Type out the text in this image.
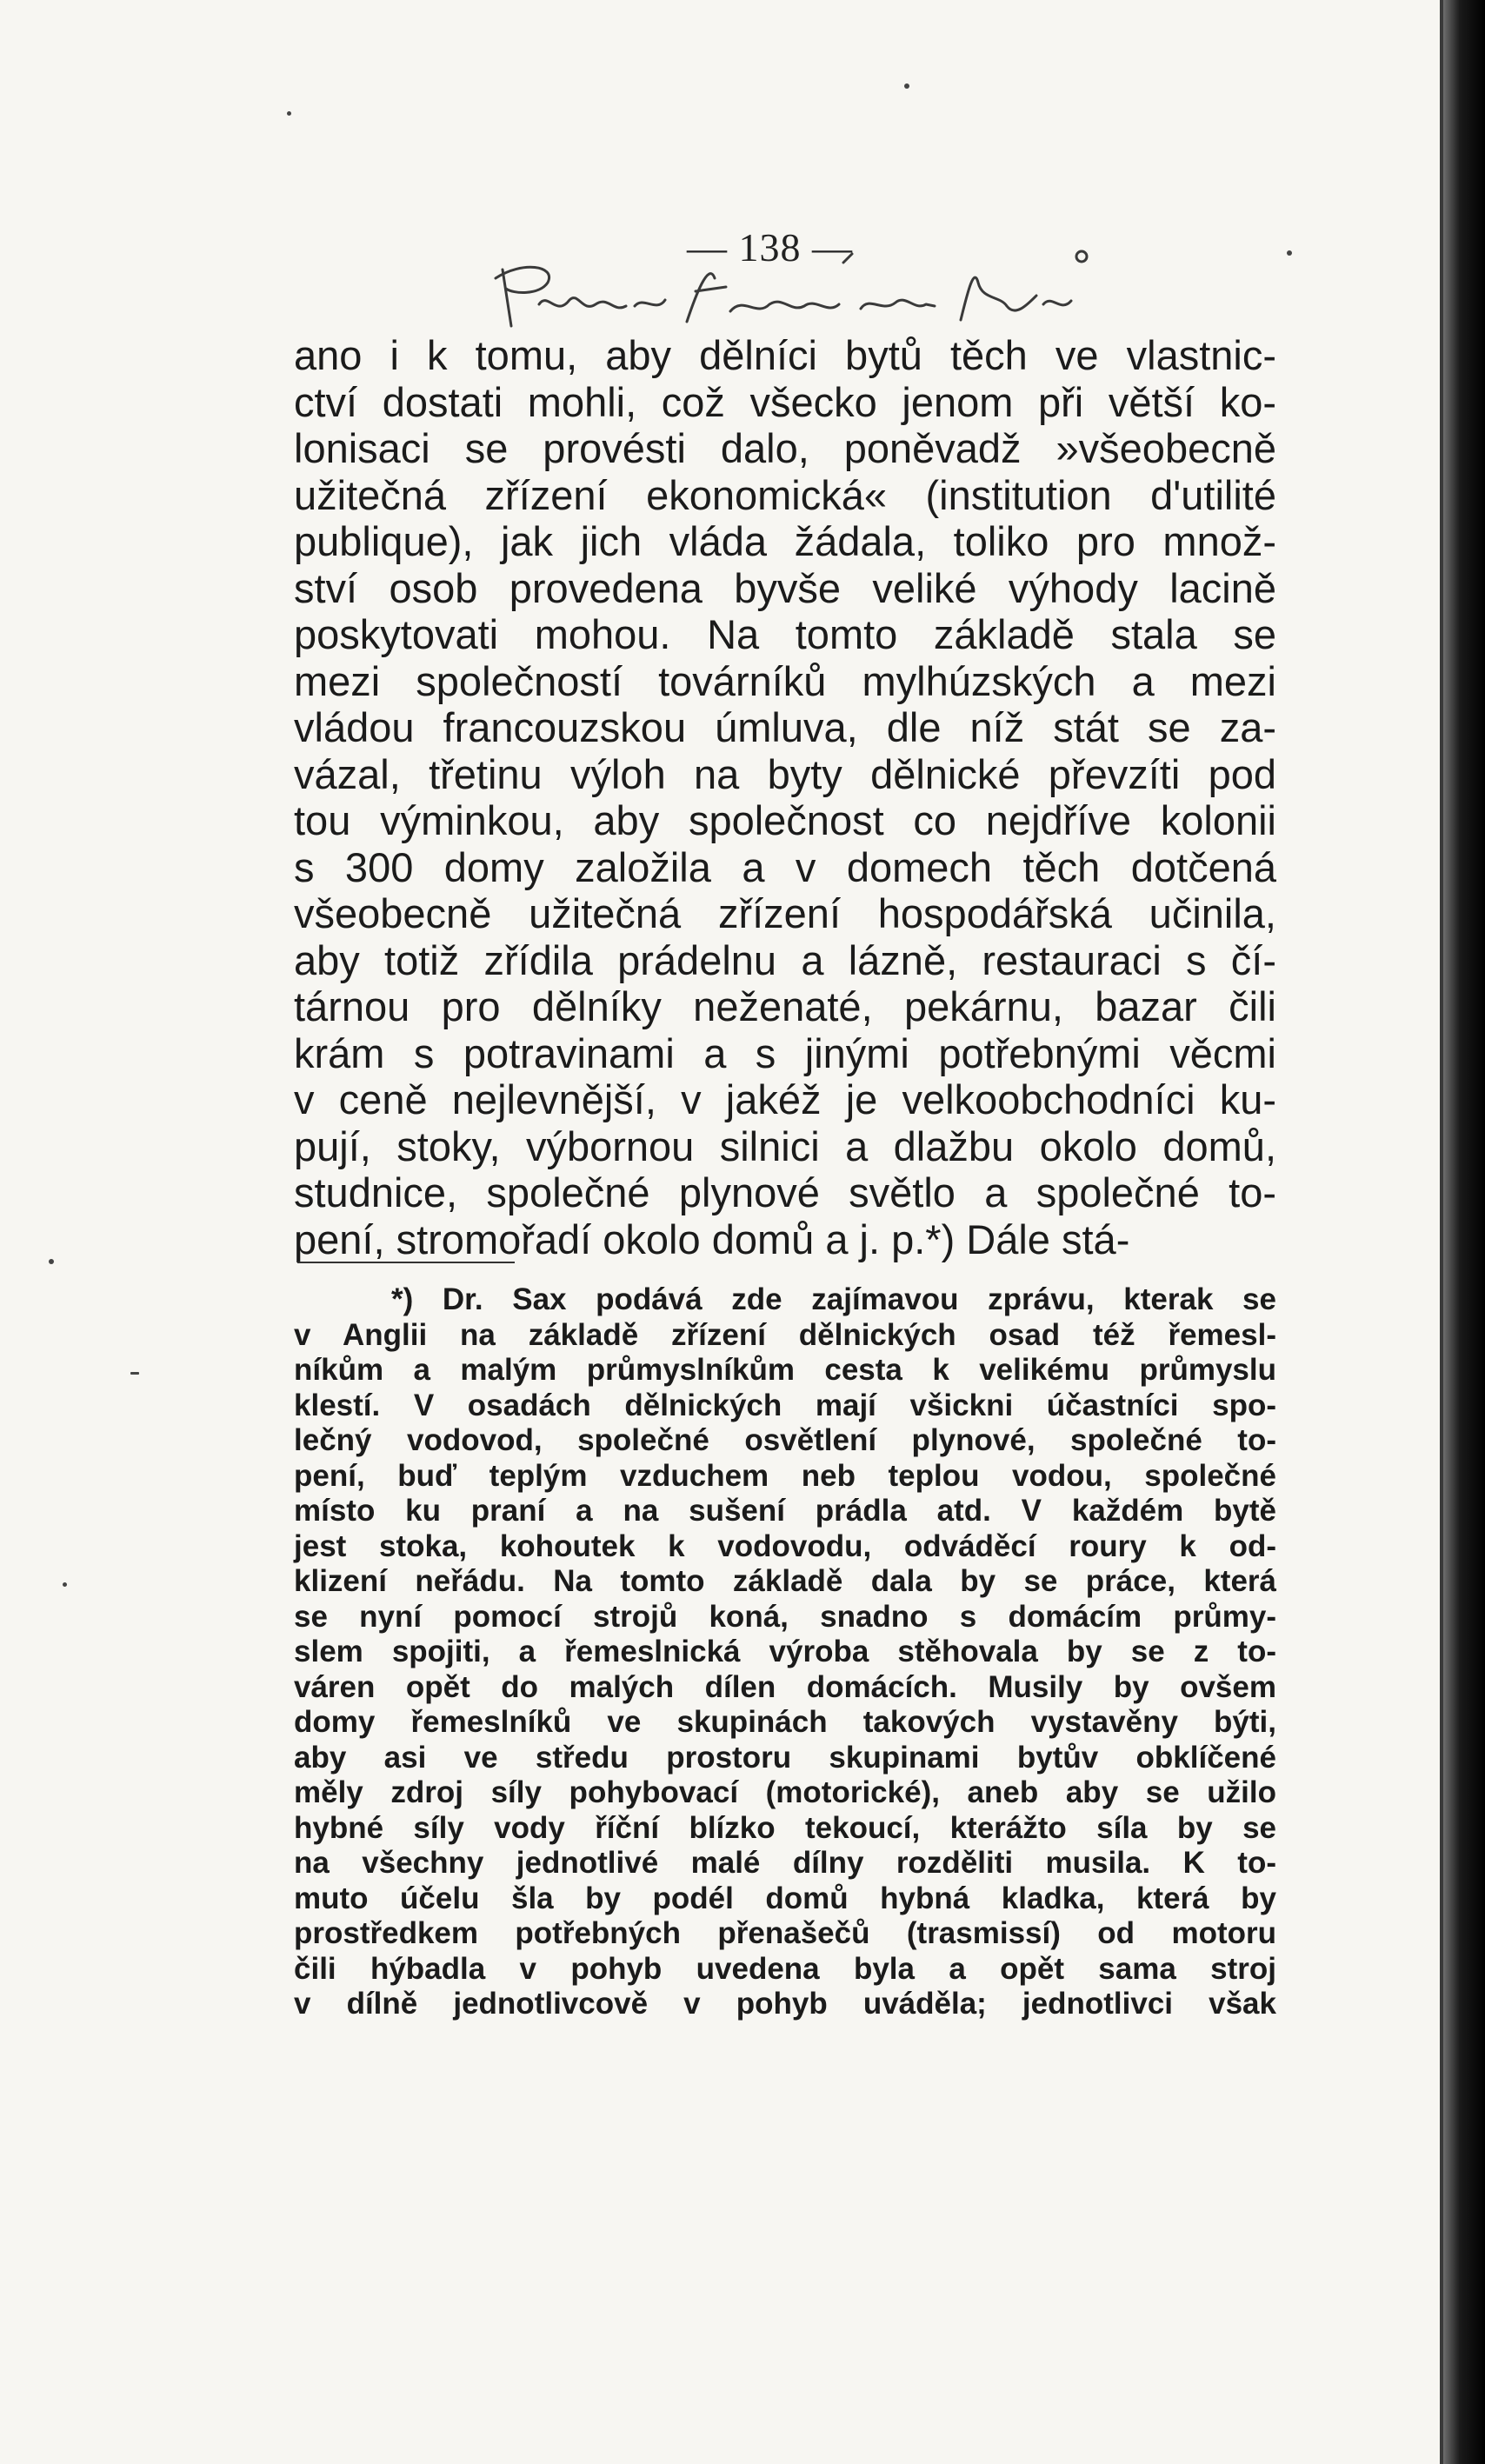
— 138 —
ano i k tomu, aby dělníci bytů těch ve vlastnic-
ctví dostati mohli, což všecko jenom při větší ko-
lonisaci se provésti dalo, poněvadž »všeobecně
užitečná zřízení ekonomická« (institution d'utilité
publique), jak jich vláda žádala, toliko pro množ-
ství osob provedena byvše veliké výhody lacině
poskytovati mohou. Na tomto základě stala se
mezi společností továrníků mylhúzských a mezi
vládou francouzskou úmluva, dle níž stát se za-
vázal, třetinu výloh na byty dělnické převzíti pod
tou výminkou, aby společnost co nejdříve kolonii
s 300 domy založila a v domech těch dotčená
všeobecně užitečná zřízení hospodářská učinila,
aby totiž zřídila prádelnu a lázně, restauraci s čí-
tárnou pro dělníky neženaté, pekárnu, bazar čili
krám s potravinami a s jinými potřebnými věcmi
v ceně nejlevnější, v jakéž je velkoobchodníci ku-
pují, stoky, výbornou silnici a dlažbu okolo domů,
studnice, společné plynové světlo a společné to-
pení, stromořadí okolo domů a j. p.*) Dále stá-
*) Dr. Sax podává zde zajímavou zprávu, kterak se
v Anglii na základě zřízení dělnických osad též řemesl-
níkům a malým průmyslníkům cesta k velikému průmyslu
klestí. V osadách dělnických mají všickni účastníci spo-
lečný vodovod, společné osvětlení plynové, společné to-
pení, buď teplým vzduchem neb teplou vodou, společné
místo ku praní a na sušení prádla atd. V každém bytě
jest stoka, kohoutek k vodovodu, odváděcí roury k od-
klizení neřádu. Na tomto základě dala by se práce, která
se nyní pomocí strojů koná, snadno s domácím průmy-
slem spojiti, a řemeslnická výroba stěhovala by se z to-
váren opět do malých dílen domácích. Musily by ovšem
domy řemeslníků ve skupinách takových vystavěny býti,
aby asi ve středu prostoru skupinami bytův obklíčené
měly zdroj síly pohybovací (motorické), aneb aby se užilo
hybné síly vody říční blízko tekoucí, kterážto síla by se
na všechny jednotlivé malé dílny rozděliti musila. K to-
muto účelu šla by podél domů hybná kladka, která by
prostředkem potřebných přenašečů (trasmissí) od motoru
čili hýbadla v pohyb uvedena byla a opět sama stroj
v dílně jednotlivcově v pohyb uváděla; jednotlivci však
